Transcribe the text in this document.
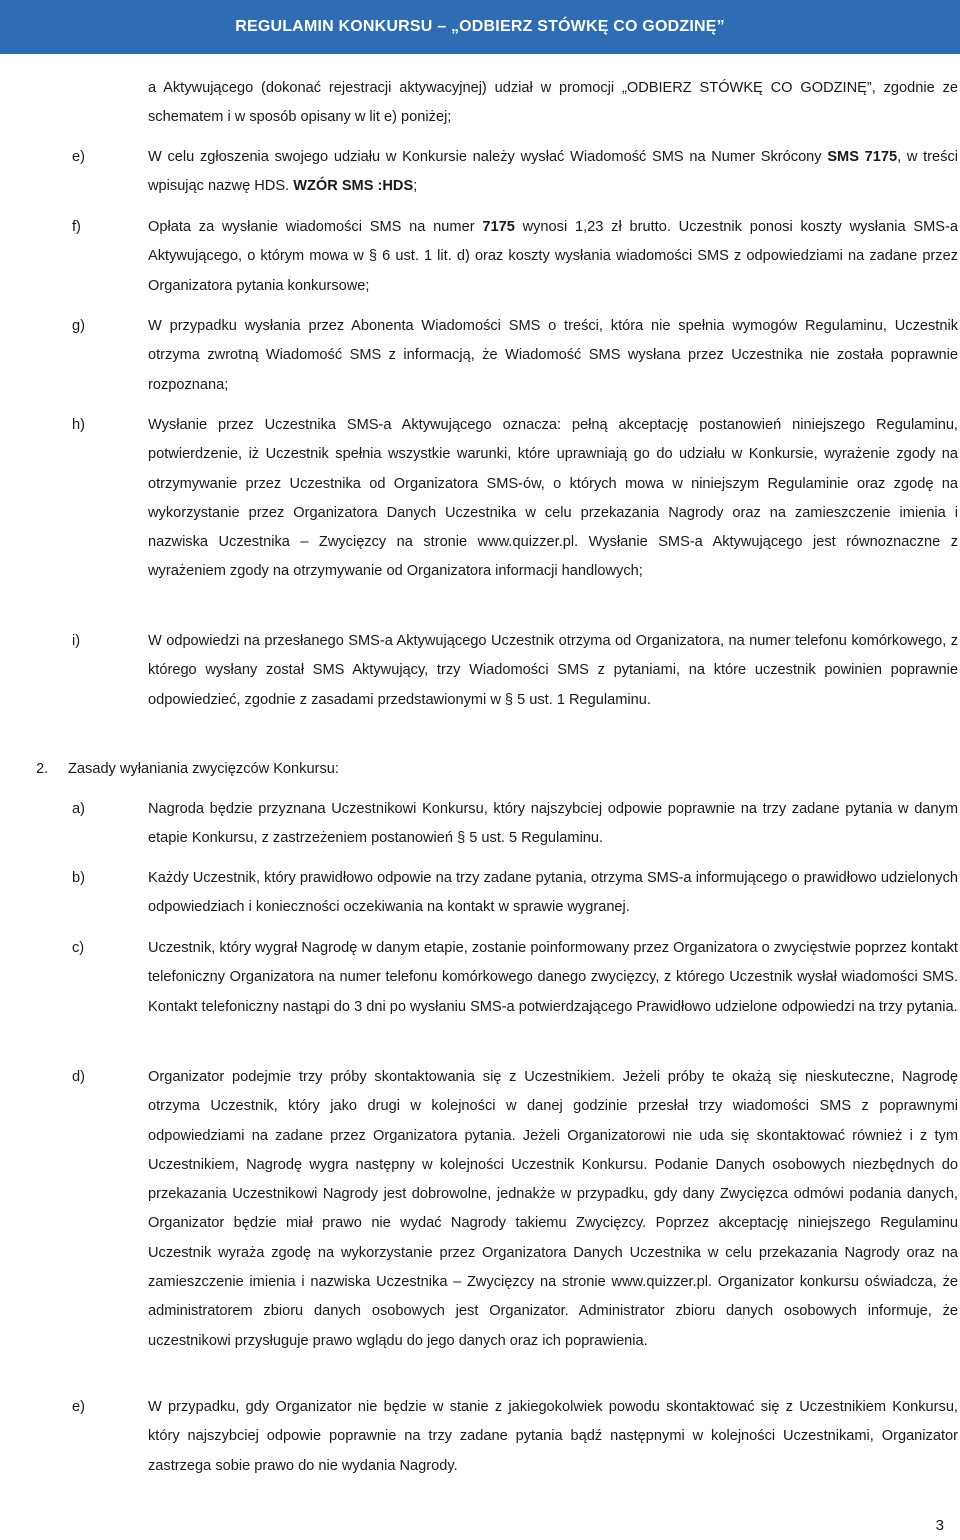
REGULAMIN KONKURSU – „ODBIERZ STÓWKĘ CO GODZINĘ”
a Aktywującego (dokonać rejestracji aktywacyjnej) udział w promocji „ODBIERZ STÓWKĘ CO GODZINĘ”, zgodnie ze schematem i w sposób opisany w lit e) poniżej;
e)	W celu zgłoszenia swojego udziału w Konkursie należy wysłać Wiadomość SMS na Numer Skrócony SMS 7175, w treści wpisując nazwę HDS. WZÓR SMS :HDS;
f)	Opłata za wysłanie wiadomości SMS na numer 7175 wynosi 1,23 zł brutto. Uczestnik ponosi koszty wysłania SMS-a Aktywującego, o którym mowa w § 6 ust. 1 lit. d) oraz koszty wysłania wiadomości SMS z odpowiedziami na zadane przez Organizatora pytania konkursowe;
g)	W przypadku wysłania przez Abonenta Wiadomości SMS o treści, która nie spełnia wymogów Regulaminu, Uczestnik otrzyma zwrotną Wiadomość SMS z informacją, że Wiadomość SMS wysłana przez Uczestnika nie została poprawnie rozpoznana;
h)	Wysłanie przez Uczestnika SMS-a Aktywującego oznacza: pełną akceptację postanowień niniejszego Regulaminu, potwierdzenie, iż Uczestnik spełnia wszystkie warunki, które uprawniają go do udziału w Konkursie, wyrażenie zgody na otrzymywanie przez Uczestnika od Organizatora SMS-ów, o których mowa w niniejszym Regulaminie oraz zgodę na wykorzystanie przez Organizatora Danych Uczestnika w celu przekazania Nagrody oraz na zamieszczenie imienia i nazwiska Uczestnika – Zwycięzcy na stronie www.quizzer.pl. Wysłanie SMS-a Aktywującego jest równoznaczne z wyrażeniem zgody na otrzymywanie od Organizatora informacji handlowych;
i)	W odpowiedzi na przesłanego SMS-a Aktywującego Uczestnik otrzyma od Organizatora, na numer telefonu komórkowego, z którego wysłany został SMS Aktywujący, trzy Wiadomości SMS z pytaniami, na które uczestnik powinien poprawnie odpowiedzieć, zgodnie z zasadami przedstawionymi w § 5 ust. 1 Regulaminu.
2. Zasady wyłaniania zwycięzców Konkursu:
a)	Nagroda będzie przyznana Uczestnikowi Konkursu, który najszybciej odpowie poprawnie na trzy zadane pytania w danym etapie Konkursu, z zastrzeżeniem postanowień § 5 ust. 5 Regulaminu.
b)	Każdy Uczestnik, który prawidłowo odpowie na trzy zadane pytania, otrzyma SMS-a informującego o prawidłowo udzielonych odpowiedziach i konieczności oczekiwania na kontakt w sprawie wygranej.
c)	Uczestnik, który wygrał Nagrodę w danym etapie, zostanie poinformowany przez Organizatora o zwycięstwie poprzez kontakt telefoniczny Organizatora na numer telefonu komórkowego danego zwycięzcy, z którego Uczestnik wysłał wiadomości SMS. Kontakt telefoniczny nastąpi do 3 dni po wysłaniu SMS-a potwierdzającego Prawidłowo udzielone odpowiedzi na trzy pytania.
d)	Organizator podejmie trzy próby skontaktowania się z Uczestnikiem. Jeżeli próby te okażą się nieskuteczne, Nagrodę otrzyma Uczestnik, który jako drugi w kolejności w danej godzinie przesłał trzy wiadomości SMS z poprawnymi odpowiedziami na zadane przez Organizatora pytania. Jeżeli Organizatorowi nie uda się skontaktować również i z tym Uczestnikiem, Nagrodę wygra następny w kolejności Uczestnik Konkursu. Podanie Danych osobowych niezbędnych do przekazania Uczestnikowi Nagrody jest dobrowolne, jednakże w przypadku, gdy dany Zwycięzca odmówi podania danych, Organizator będzie miał prawo nie wydać Nagrody takiemu Zwycięzcy. Poprzez akceptację niniejszego Regulaminu Uczestnik wyraża zgodę na wykorzystanie przez Organizatora Danych Uczestnika w celu przekazania Nagrody oraz na zamieszczenie imienia i nazwiska Uczestnika – Zwycięzcy na stronie www.quizzer.pl. Organizator konkursu oświadcza, że administratorem zbioru danych osobowych jest Organizator. Administrator zbioru danych osobowych informuje, że uczestnikowi przysługuje prawo wglądu do jego danych oraz ich poprawienia.
e)	W przypadku, gdy Organizator nie będzie w stanie z jakiegokolwiek powodu skontaktować się z Uczestnikiem Konkursu, który najszybciej odpowie poprawnie na trzy zadane pytania bądź następnymi w kolejności Uczestnikami, Organizator zastrzega sobie prawo do nie wydania Nagrody.
3
